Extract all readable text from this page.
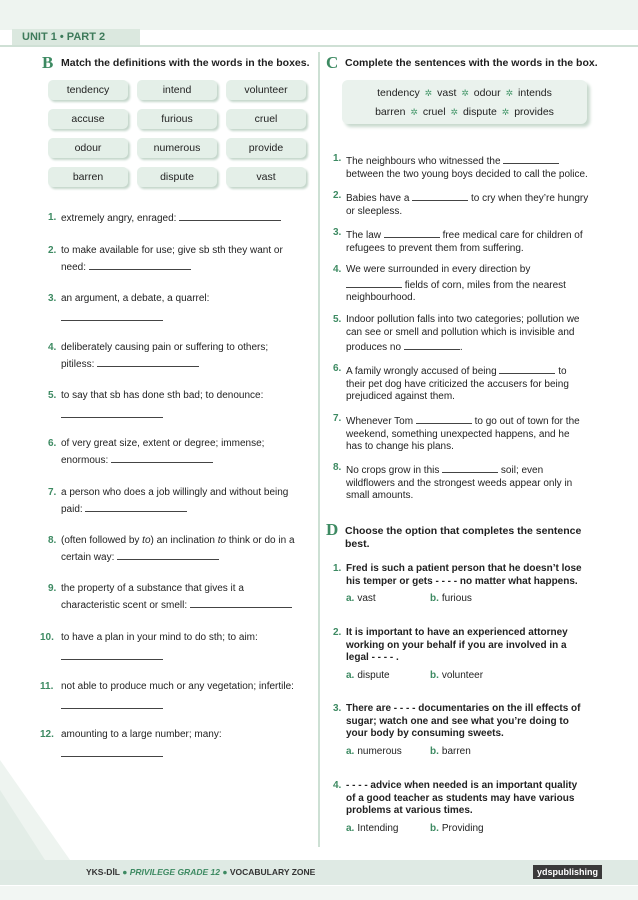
UNIT 1 • PART 2
B Match the definitions with the words in the boxes.
tendency	intend	volunteer
accuse	furious	cruel
odour	numerous	provide
barren	dispute	vast
1. extremely angry, enraged:
2. to make available for use; give sb sth they want or
need:
3. an argument, a debate, a quarrel:
4. deliberately causing pain or suffering to others;
pitiless:
5. to say that sb has done sth bad; to denounce:
6. of very great size, extent or degree; immense;
enormous:
7. a person who does a job willingly and without being
paid:
8. (often followed by to) an inclination to think or do in a
certain way:
9. the property of a substance that gives it a
characteristic scent or smell:
10. to have a plan in your mind to do sth; to aim:
11. not able to produce much or any vegetation; infertile:
12. amounting to a large number; many:
C Complete the sentences with the words in the box.
tendency ✲ vast ✲ odour ✲ intends
barren ✲ cruel ✲ dispute ✲ provides
1. The neighbours who witnessed the
between the two young boys decided to call the police.
2. Babies have a	to cry when they’re hungry
or sleepless.
3. The law	free medical care for children of
refugees to prevent them from suffering.
4. We were surrounded in every direction by
fields of corn, miles from the nearest
neighbourhood.
5. Indoor pollution falls into two categories; pollution we
can see or smell and pollution which is invisible and
produces no	.
6. A family wrongly accused of being	to
their pet dog have criticized the accusers for being
prejudiced against them.
7. Whenever Tom	to go out of town for the
weekend, something unexpected happens, and he
has to change his plans.
8. No crops grow in this	soil; even
wildflowers and the strongest weeds appear only in
small amounts.
D Choose the option that completes the sentence
best.
1. Fred is such a patient person that he doesn’t lose
his temper or gets - - - - no matter what happens.
a. vast	b. furious
2. It is important to have an experienced attorney
working on your behalf if you are involved in a
legal - - - - .
a. dispute	b. volunteer
3. There are - - - - documentaries on the ill effects of
sugar; watch one and see what you’re doing to
your body by consuming sweets.
a. numerous	b. barren
4. - - - - advice when needed is an important quality
of a good teacher as students may have various
problems at various times.
a. Intending	b. Providing
YKS-DİL ● PRIVILEGE GRADE 12 ● VOCABULARY ZONE	ydspublishing
